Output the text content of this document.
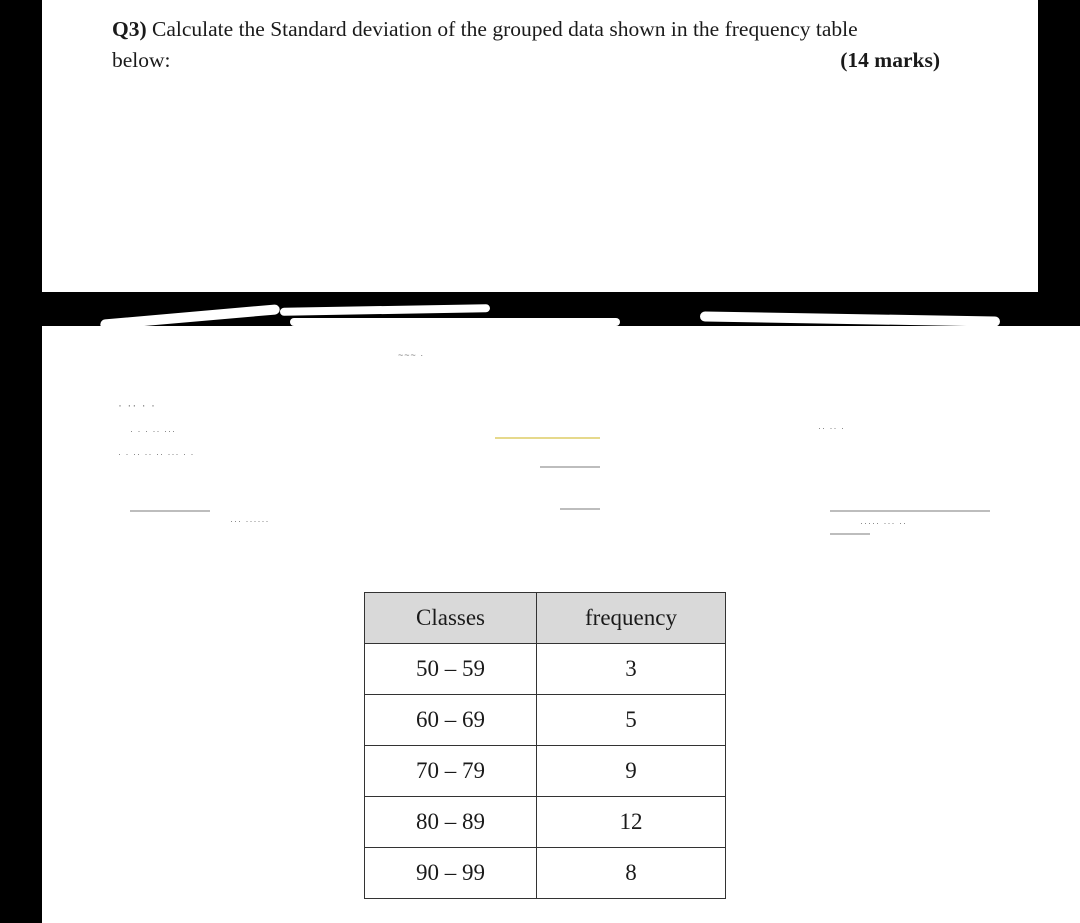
~~~ ·
· ·· · ·
· · · ·· ···
· · ·· ·· ·· ··· · ·
··· ······
·· ·· ·
····· ··· ··
Q3) Calculate the Standard deviation of the grouped data shown in the frequency table
below:	(14 marks)
Classes	frequency
50 – 59	3
60 – 69	5
70 – 79	9
80 – 89	12
90 – 99	8
